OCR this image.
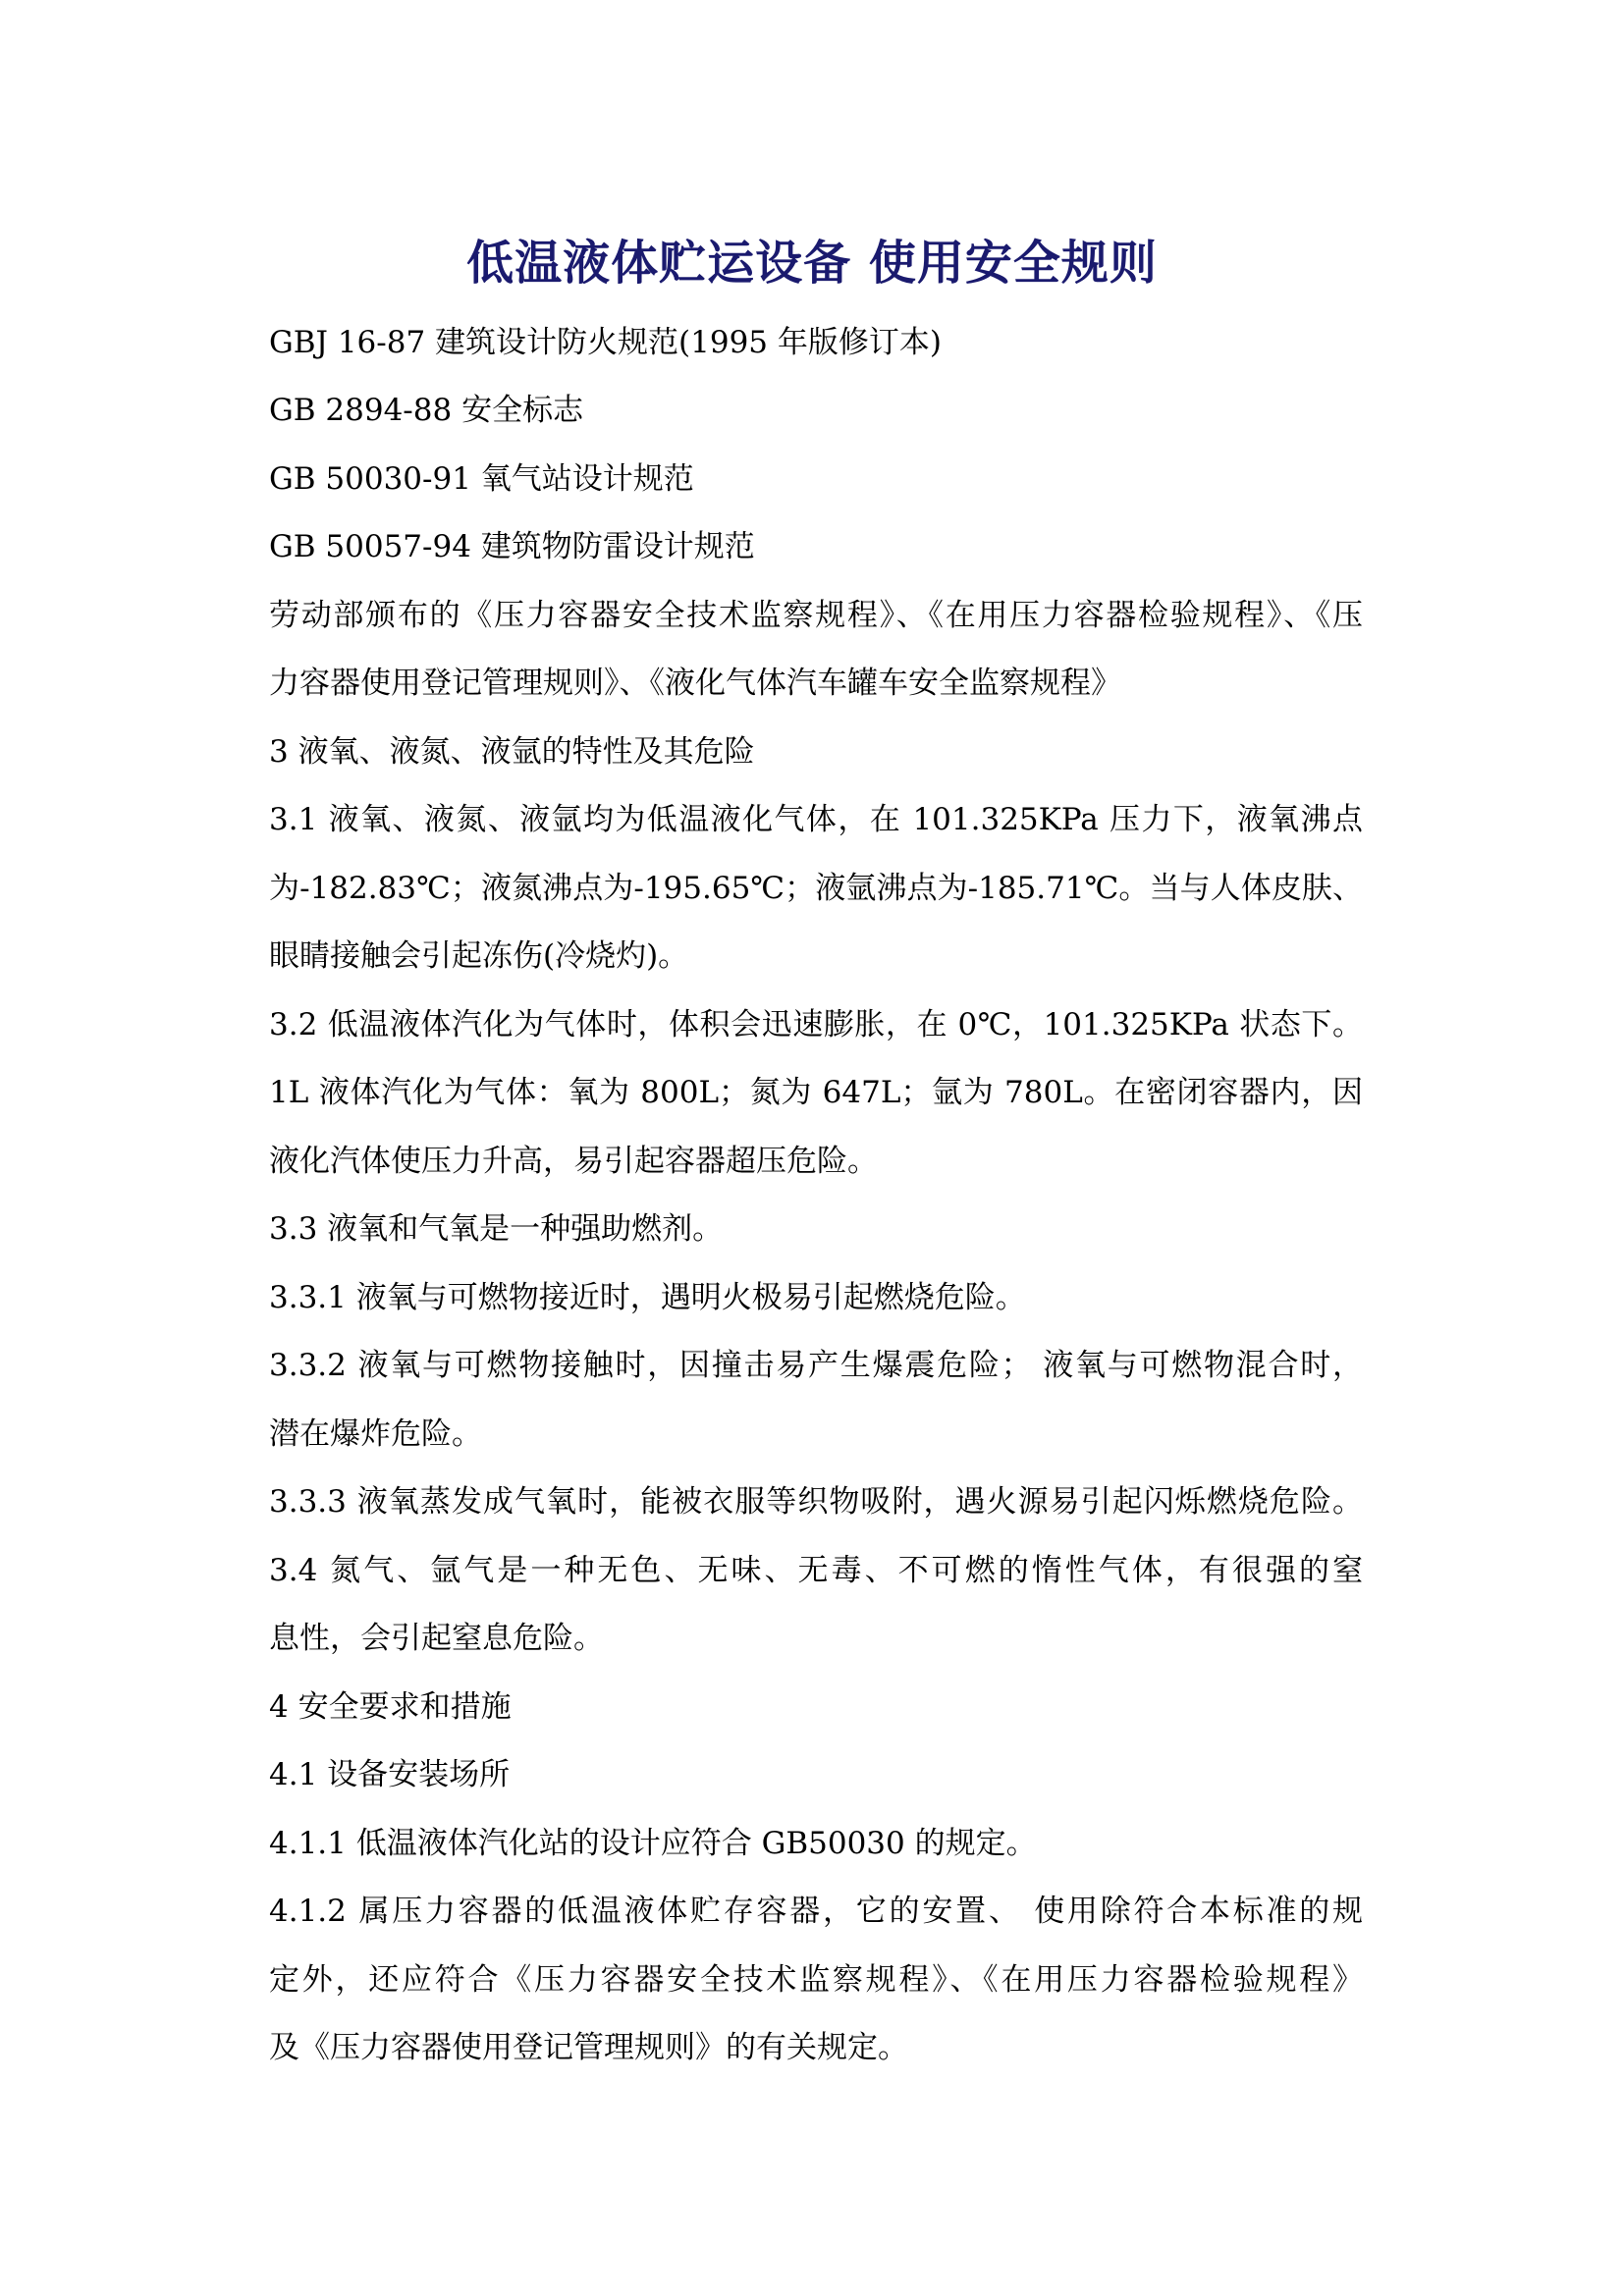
低温液体贮运设备 使用安全规则
GBJ 16-87 建筑设计防火规范(1995 年版修订本)
GB 2894-88 安全标志
GB 50030-91 氧气站设计规范
GB 50057-94 建筑物防雷设计规范
劳动部颁布的《压力容器安全技术监察规程》、《在用压力容器检验规程》、《压
力容器使用登记管理规则》、《液化气体汽车罐车安全监察规程》
3 液氧、液氮、液氩的特性及其危险
3.1 液氧、液氮、液氩均为低温液化气体，在 101.325KPa 压力下，液氧沸点
为-182.83℃；液氮沸点为-195.65℃；液氩沸点为-185.71℃。当与人体皮肤、
眼睛接触会引起冻伤(冷烧灼)。
3.2 低温液体汽化为气体时，体积会迅速膨胀，在 0℃，101.325KPa 状态下。
1L 液体汽化为气体：氧为 800L；氮为 647L；氩为 780L。在密闭容器内，因
液化汽体使压力升高，易引起容器超压危险。
3.3 液氧和气氧是一种强助燃剂。
3.3.1 液氧与可燃物接近时，遇明火极易引起燃烧危险。
3.3.2 液氧与可燃物接触时，因撞击易产生爆震危险； 液氧与可燃物混合时，
潜在爆炸危险。
3.3.3 液氧蒸发成气氧时，能被衣服等织物吸附，遇火源易引起闪烁燃烧危险。
3.4 氮气、氩气是一种无色、无味、无毒、不可燃的惰性气体，有很强的窒
息性，会引起窒息危险。
4 安全要求和措施
4.1 设备安装场所
4.1.1 低温液体汽化站的设计应符合 GB50030 的规定。
4.1.2 属压力容器的低温液体贮存容器，它的安置、 使用除符合本标准的规
定外，还应符合《压力容器安全技术监察规程》、《在用压力容器检验规程》
及《压力容器使用登记管理规则》的有关规定。
